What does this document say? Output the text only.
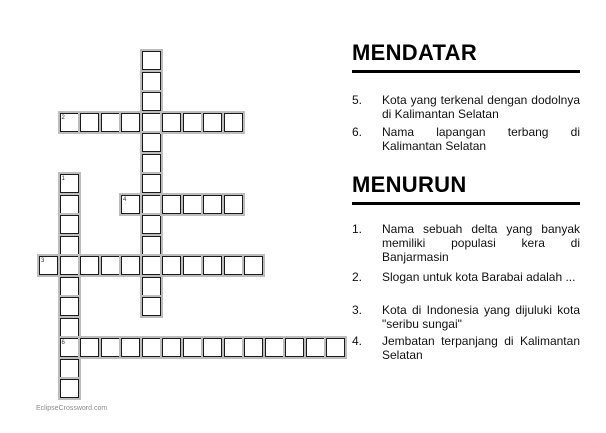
2
1
4
3
6
EclipseCrossword.com
MENDATAR
5. Kota yang terkenal dengan dodolnya di Kalimantan Selatan
6. Nama lapangan terbang di Kalimantan Selatan
MENURUN
1. Nama sebuah delta yang banyak memiliki populasi kera di Banjarmasin
2. Slogan untuk kota Barabai adalah ...
3. Kota di Indonesia yang dijuluki kota "seribu sungai"
4. Jembatan terpanjang di Kalimantan Selatan
